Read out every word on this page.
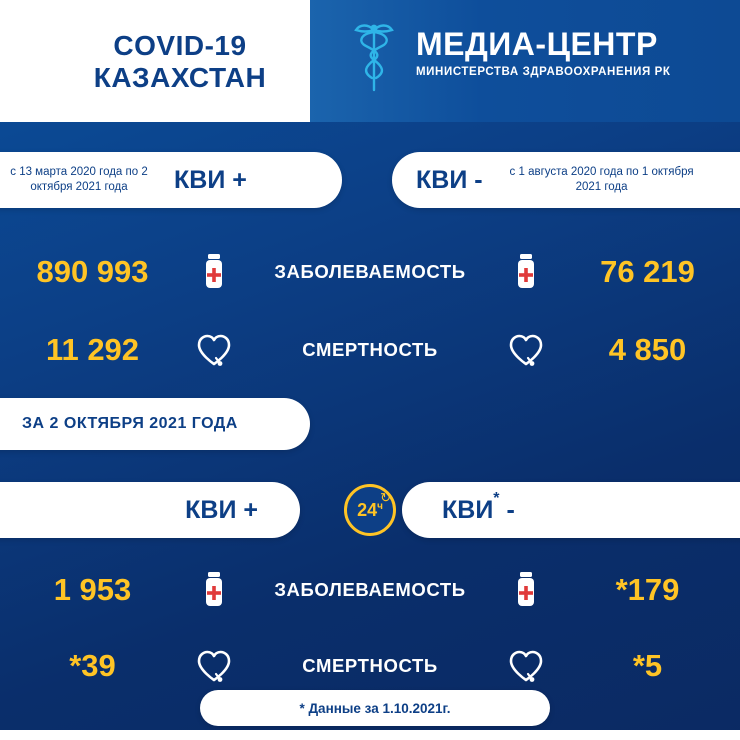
COVID-19
КАЗАХСТАН
МЕДИА-ЦЕНТР
МИНИСТЕРСТВА ЗДРАВООХРАНЕНИЯ РК
с 13 марта 2020 года по 2 октября 2021 года	КВИ +	КВИ -	с 1 августа 2020 года по 1 октября 2021 года
890 993	ЗАБОЛЕВАЕМОСТЬ	76 219
11 292	СМЕРТНОСТЬ	4 850
ЗА 2 ОКТЯБРЯ 2021 ГОДА
КВИ +	↻
$24^ч$	КВИ* -
1 953	ЗАБОЛЕВАЕМОСТЬ	*179
*39	СМЕРТНОСТЬ	*5
* Данные за 1.10.2021г.
